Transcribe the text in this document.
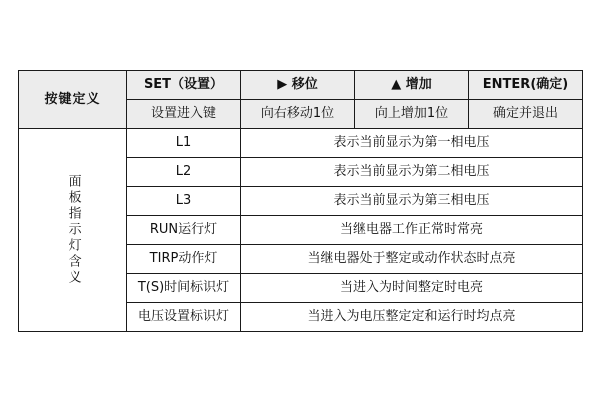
按键定义	SET（设置）	▶ 移位	▲ 增加	ENTER(确定)
	设置进入键	向右移动1位	向上增加1位	确定并退出

面板指示灯含义	L1	表示当前显示为第一相电压		
	L2	表示当前显示为第二相电压		
	L3	表示当前显示为第三相电压		
	RUN运行灯	当继电器工作正常时常亮		
	TIRP动作灯	当继电器处于整定或动作状态时点亮		
	T(S)时间标识灯	当进入为时间整定时电亮		
	电压设置标识灯	当进入为电压整定定和运行时均点亮		
